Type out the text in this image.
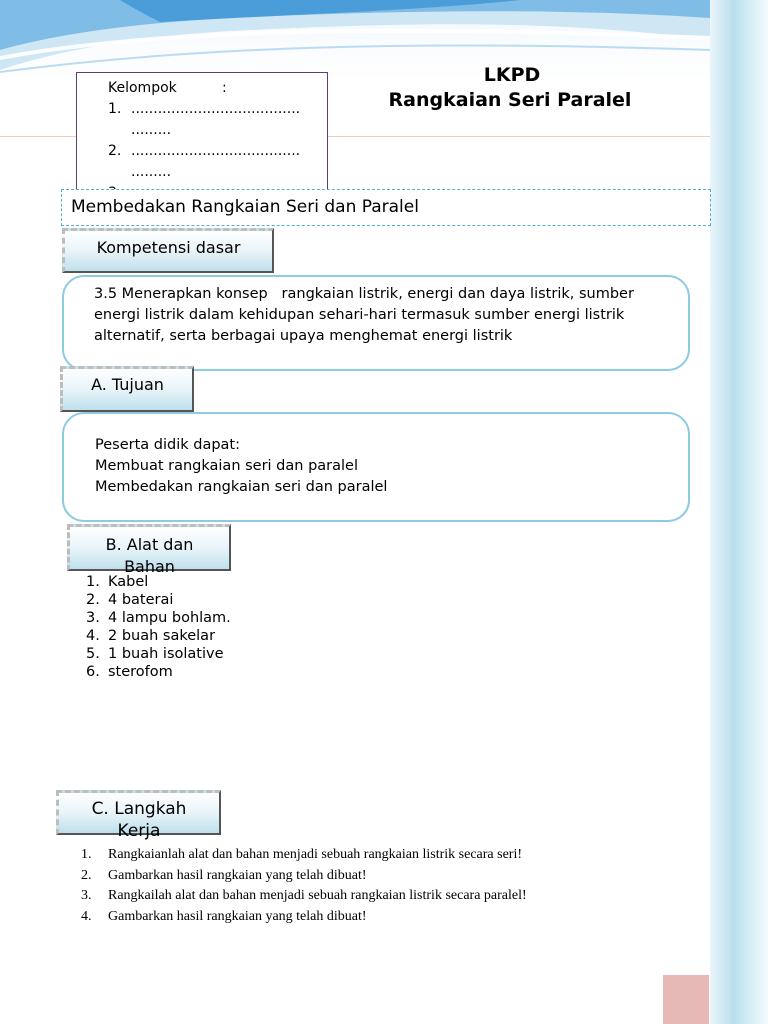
LKPD
Rangkaian Seri Paralel
Kelompok	:
1. ......................................
.........
2. ......................................
.........
Membedakan Rangkaian Seri dan Paralel
Kompetensi dasar
3.5 Menerapkan konsep   rangkaian listrik, energi dan daya listrik, sumber energi listrik dalam kehidupan sehari-hari termasuk sumber energi listrik alternatif, serta berbagai upaya menghemat energi listrik
A. Tujuan
Peserta didik dapat:
Membuat rangkaian seri dan paralel
Membedakan rangkaian seri dan paralel
B. Alat dan
Bahan
1. Kabel
2. 4 baterai
3. 4 lampu bohlam.
4. 2 buah sakelar
5. 1 buah isolative
6. sterofom
C. Langkah
Kerja
1. Rangkaianlah alat dan bahan menjadi sebuah rangkaian listrik secara seri!
2. Gambarkan hasil rangkaian yang telah dibuat!
3. Rangkailah alat dan bahan menjadi sebuah rangkaian listrik secara paralel!
4. Gambarkan hasil rangkaian yang telah dibuat!
